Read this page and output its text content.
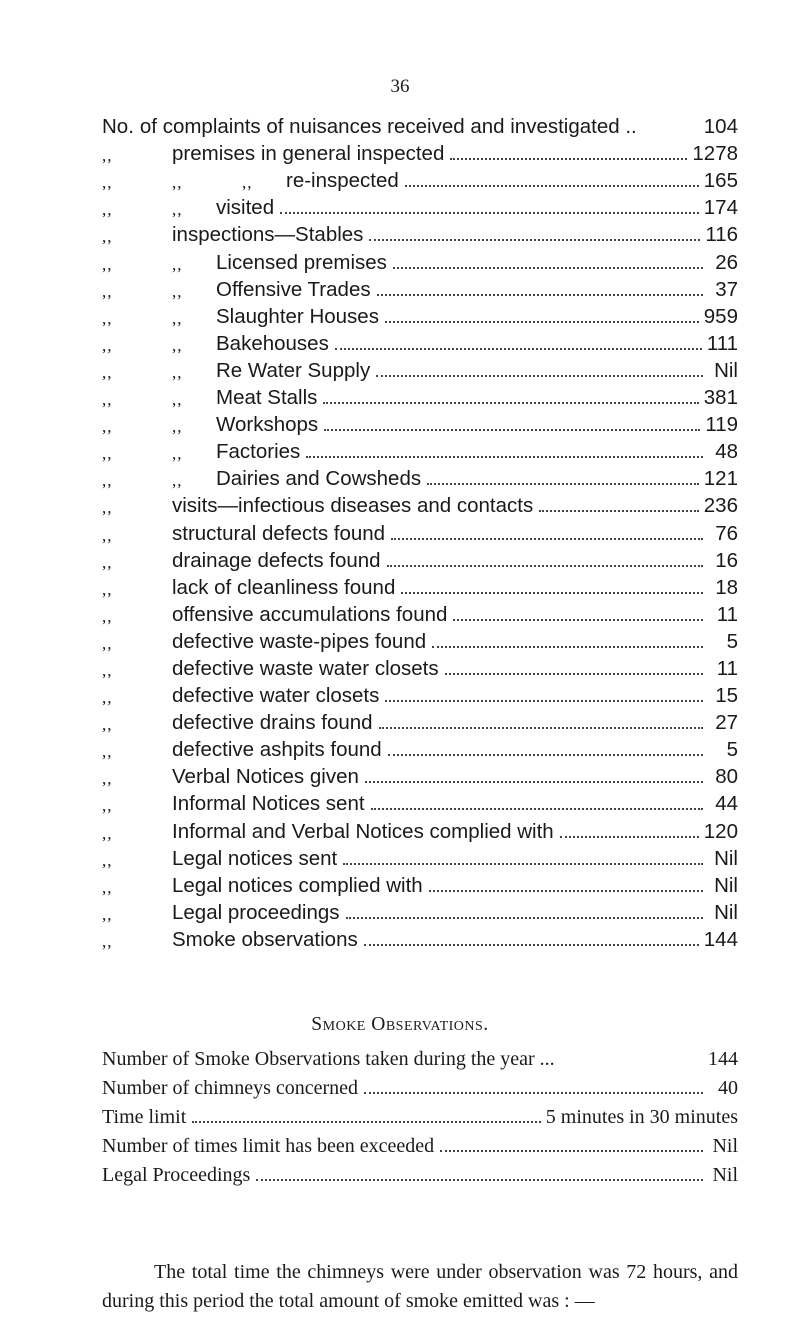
36
No. of complaints of nuisances received and investigated ..	104
,,	premises in general inspected	1278
,,	,,	,,	re-inspected	165
,,	,,	visited	174
,,	inspections—Stables	116
,,	,,	Licensed premises	26
,,	,,	Offensive Trades	37
,,	,,	Slaughter Houses	959
,,	,,	Bakehouses	111
,,	,,	Re Water Supply	Nil
,,	,,	Meat Stalls	381
,,	,,	Workshops	119
,,	,,	Factories	48
,,	,,	Dairies and Cowsheds	121
,,	visits—infectious diseases and contacts	236
,,	structural defects found	76
,,	drainage defects found	16
,,	lack of cleanliness found	18
,,	offensive accumulations found	11
,,	defective waste-pipes found	5
,,	defective waste water closets	11
,,	defective water closets	15
,,	defective drains found	27
,,	defective ashpits found	5
,,	Verbal Notices given	80
,,	Informal Notices sent	44
,,	Informal and Verbal Notices complied with	120
,,	Legal notices sent	Nil
,,	Legal notices complied with	Nil
,,	Legal proceedings	Nil
,,	Smoke observations	144
Smoke Observations.
Number of Smoke Observations taken during the year ...	144
Number of chimneys concerned	40
Time limit	5 minutes in 30 minutes
Number of times limit has been exceeded	Nil
Legal Proceedings	Nil
The total time the chimneys were under observation was 72 hours, and during this period the total amount of smoke emitted was : —
